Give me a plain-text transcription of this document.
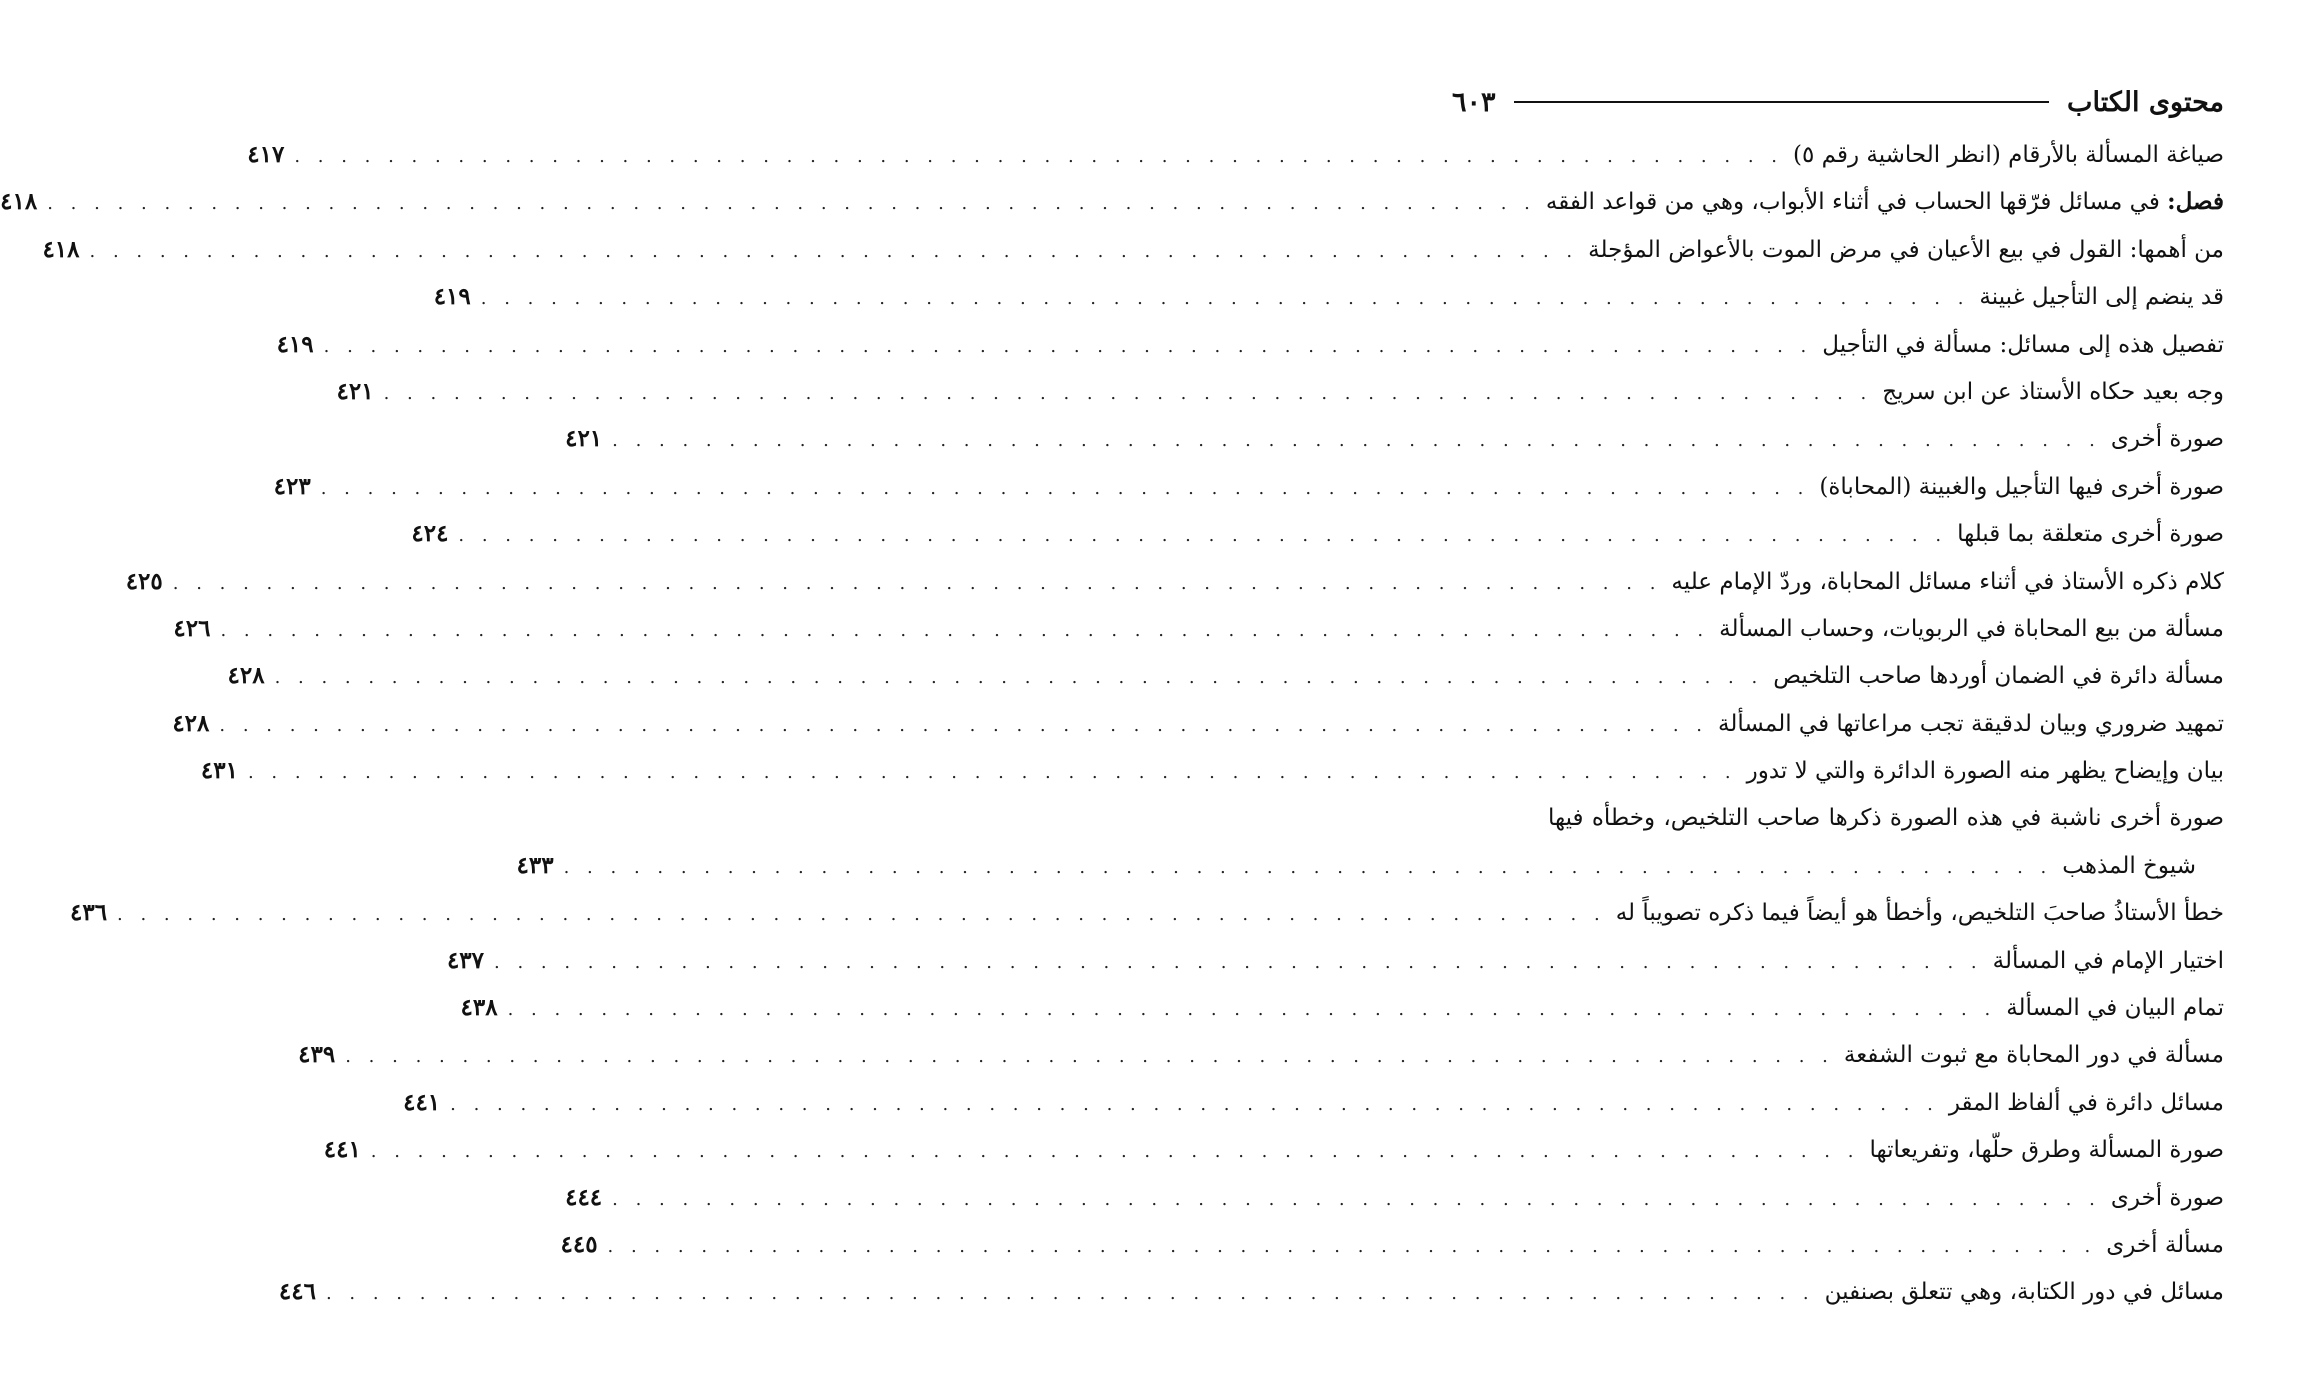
محتوى الكتاب
٦٠٣
صياغة المسألة بالأرقام (انظر الحاشية رقم ٥)
. . . . . . . . . . . . . . . . . . . . . . . . . . . . . . . . . . . . . . . . . . . . . . . . . . . . . . . . . . . . . . . .
٤١٧
فصل: في مسائل فرّقها الحساب في أثناء الأبواب، وهي من قواعد الفقه
. . . . . . . . . . . . . . . . . . . . . . . . . . . . . . . . . . . . . . . . . . . . . . . . . . . . . . . . . . . . . . . .
٤١٨
من أهمها: القول في بيع الأعيان في مرض الموت بالأعواض المؤجلة
. . . . . . . . . . . . . . . . . . . . . . . . . . . . . . . . . . . . . . . . . . . . . . . . . . . . . . . . . . . . . . . .
٤١٨
قد ينضم إلى التأجيل غبينة
. . . . . . . . . . . . . . . . . . . . . . . . . . . . . . . . . . . . . . . . . . . . . . . . . . . . . . . . . . . . . . . .
٤١٩
تفصيل هذه إلى مسائل: مسألة في التأجيل
. . . . . . . . . . . . . . . . . . . . . . . . . . . . . . . . . . . . . . . . . . . . . . . . . . . . . . . . . . . . . . . .
٤١٩
وجه بعيد حكاه الأستاذ عن ابن سريج
. . . . . . . . . . . . . . . . . . . . . . . . . . . . . . . . . . . . . . . . . . . . . . . . . . . . . . . . . . . . . . . .
٤٢١
صورة أخرى
. . . . . . . . . . . . . . . . . . . . . . . . . . . . . . . . . . . . . . . . . . . . . . . . . . . . . . . . . . . . . . . .
٤٢١
صورة أخرى فيها التأجيل والغبينة (المحاباة)
. . . . . . . . . . . . . . . . . . . . . . . . . . . . . . . . . . . . . . . . . . . . . . . . . . . . . . . . . . . . . . . .
٤٢٣
صورة أخرى متعلقة بما قبلها
. . . . . . . . . . . . . . . . . . . . . . . . . . . . . . . . . . . . . . . . . . . . . . . . . . . . . . . . . . . . . . . .
٤٢٤
كلام ذكره الأستاذ في أثناء مسائل المحاباة، وردّ الإمام عليه
. . . . . . . . . . . . . . . . . . . . . . . . . . . . . . . . . . . . . . . . . . . . . . . . . . . . . . . . . . . . . . . .
٤٢٥
مسألة من بيع المحاباة في الربويات، وحساب المسألة
. . . . . . . . . . . . . . . . . . . . . . . . . . . . . . . . . . . . . . . . . . . . . . . . . . . . . . . . . . . . . . . .
٤٢٦
مسألة دائرة في الضمان أوردها صاحب التلخيص
. . . . . . . . . . . . . . . . . . . . . . . . . . . . . . . . . . . . . . . . . . . . . . . . . . . . . . . . . . . . . . . .
٤٢٨
تمهيد ضروري وبيان لدقيقة تجب مراعاتها في المسألة
. . . . . . . . . . . . . . . . . . . . . . . . . . . . . . . . . . . . . . . . . . . . . . . . . . . . . . . . . . . . . . . .
٤٢٨
بيان وإيضاح يظهر منه الصورة الدائرة والتي لا تدور
. . . . . . . . . . . . . . . . . . . . . . . . . . . . . . . . . . . . . . . . . . . . . . . . . . . . . . . . . . . . . . . .
٤٣١
صورة أخرى ناشبة في هذه الصورة ذكرها صاحب التلخيص، وخطأه فيها
شيوخ المذهب
. . . . . . . . . . . . . . . . . . . . . . . . . . . . . . . . . . . . . . . . . . . . . . . . . . . . . . . . . . . . . . . .
٤٣٣
خطأ الأستاذُ صاحبَ التلخيص، وأخطأ هو أيضاً فيما ذكره تصويباً له
. . . . . . . . . . . . . . . . . . . . . . . . . . . . . . . . . . . . . . . . . . . . . . . . . . . . . . . . . . . . . . . .
٤٣٦
اختيار الإمام في المسألة
. . . . . . . . . . . . . . . . . . . . . . . . . . . . . . . . . . . . . . . . . . . . . . . . . . . . . . . . . . . . . . . .
٤٣٧
تمام البيان في المسألة
. . . . . . . . . . . . . . . . . . . . . . . . . . . . . . . . . . . . . . . . . . . . . . . . . . . . . . . . . . . . . . . .
٤٣٨
مسألة في دور المحاباة مع ثبوت الشفعة
. . . . . . . . . . . . . . . . . . . . . . . . . . . . . . . . . . . . . . . . . . . . . . . . . . . . . . . . . . . . . . . .
٤٣٩
مسائل دائرة في ألفاظ المقر
. . . . . . . . . . . . . . . . . . . . . . . . . . . . . . . . . . . . . . . . . . . . . . . . . . . . . . . . . . . . . . . .
٤٤١
صورة المسألة وطرق حلّها، وتفريعاتها
. . . . . . . . . . . . . . . . . . . . . . . . . . . . . . . . . . . . . . . . . . . . . . . . . . . . . . . . . . . . . . . .
٤٤١
صورة أخرى
. . . . . . . . . . . . . . . . . . . . . . . . . . . . . . . . . . . . . . . . . . . . . . . . . . . . . . . . . . . . . . . .
٤٤٤
مسألة أخرى
. . . . . . . . . . . . . . . . . . . . . . . . . . . . . . . . . . . . . . . . . . . . . . . . . . . . . . . . . . . . . . . .
٤٤٥
مسائل في دور الكتابة، وهي تتعلق بصنفين
. . . . . . . . . . . . . . . . . . . . . . . . . . . . . . . . . . . . . . . . . . . . . . . . . . . . . . . . . . . . . . . .
٤٤٦
